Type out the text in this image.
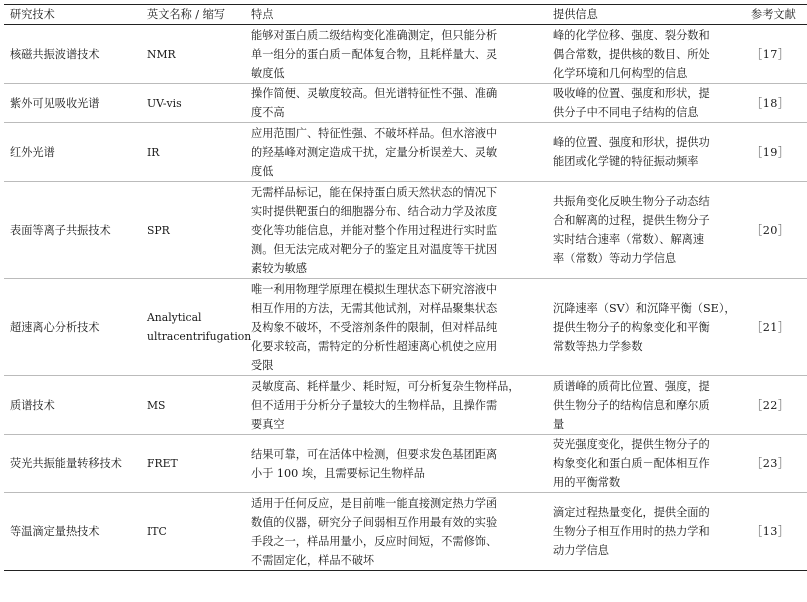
研究技术	英文名称 / 缩写	特点	提供信息	参考文献
核磁共振波谱技术	NMR	能够对蛋白质二级结构变化准确测定，但只能分析
单一组分的蛋白质－配体复合物，且耗样量大、灵
敏度低	峰的化学位移、强度、裂分数和
偶合常数，提供核的数目、所处
化学环境和几何构型的信息	［17］
紫外可见吸收光谱	UV-vis	操作简便、灵敏度较高。但光谱特征性不强、准确
度不高	吸收峰的位置、强度和形状，提
供分子中不同电子结构的信息	［18］
红外光谱	IR	应用范围广、特征性强、不破坏样品。但水溶液中
的羟基峰对测定造成干扰，定量分析误差大、灵敏
度低	峰的位置、强度和形状，提供功
能团或化学键的特征振动频率	［19］
表面等离子共振技术	SPR	无需样品标记，能在保持蛋白质天然状态的情况下
实时提供靶蛋白的细胞器分布、结合动力学及浓度
变化等功能信息，并能对整个作用过程进行实时监
测。但无法完成对靶分子的鉴定且对温度等干扰因
素较为敏感	共振角变化反映生物分子动态结
合和解离的过程，提供生物分子
实时结合速率（常数）、解离速
率（常数）等动力学信息	［20］
超速离心分析技术	Analytical
ultracentrifugation	唯一利用物理学原理在模拟生理状态下研究溶液中
相互作用的方法，无需其他试剂，对样品聚集状态
及构象不破坏，不受溶剂条件的限制，但对样品纯
化要求较高，需特定的分析性超速离心机使之应用
受限	沉降速率（SV）和沉降平衡（SE），
提供生物分子的构象变化和平衡
常数等热力学参数	［21］
质谱技术	MS	灵敏度高、耗样量少、耗时短，可分析复杂生物样品，
但不适用于分析分子量较大的生物样品，且操作需
要真空	质谱峰的质荷比位置、强度，提
供生物分子的结构信息和摩尔质
量	［22］
荧光共振能量转移技术	FRET	结果可靠，可在活体中检测，但要求发色基团距离
小于 100 埃，且需要标记生物样品	荧光强度变化，提供生物分子的
构象变化和蛋白质－配体相互作
用的平衡常数	［23］
等温滴定量热技术	ITC	适用于任何反应，是目前唯一能直接测定热力学函
数值的仪器，研究分子间弱相互作用最有效的实验
手段之一，样品用量小，反应时间短，不需修饰、
不需固定化，样品不破坏	滴定过程热量变化，提供全面的
生物分子相互作用时的热力学和
动力学信息	［13］
